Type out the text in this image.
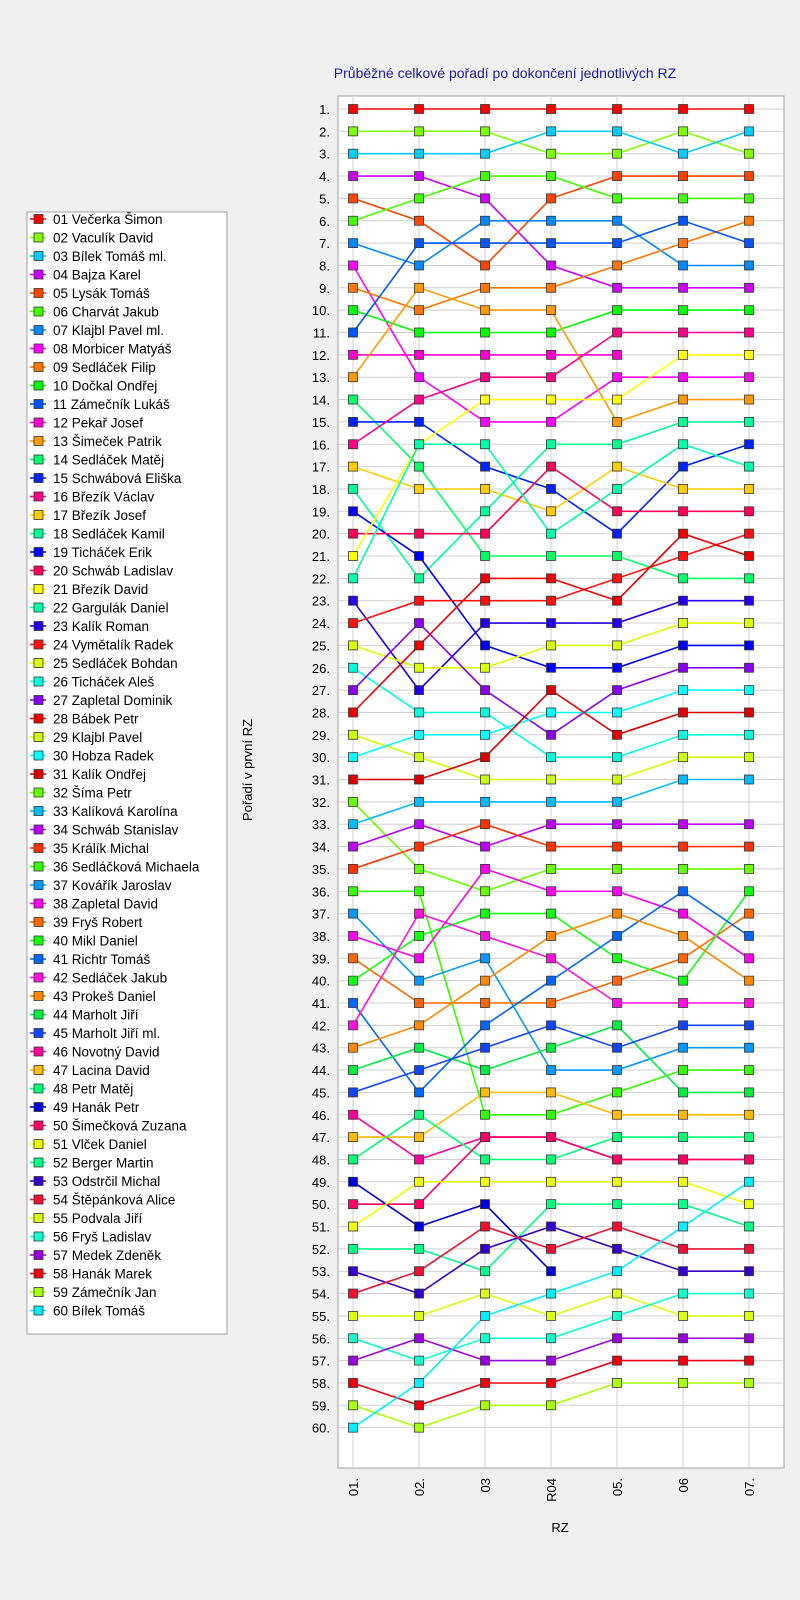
Průběžné celkové pořadí po dokončení jednotlivých RZ
Pořadí v první RZ
RZ
1.
2.
3.
4.
5.
6.
7.
8.
9.
10.
11.
12.
13.
14.
15.
16.
17.
18.
19.
20.
21.
22.
23.
24.
25.
26.
27.
28.
29.
30.
31.
32.
33.
34.
35.
36.
37.
38.
39.
40.
41.
42.
43.
44.
45.
46.
47.
48.
49.
50.
51.
52.
53.
54.
55.
56.
57.
58.
59.
60.
01.	02.	03	R04	05.	06	07.
01 Večerka Šimon
02 Vaculík David
03 Bílek Tomáš ml.
04 Bajza Karel
05 Lysák Tomáš
06 Charvát Jakub
07 Klajbl Pavel ml.
08 Morbicer Matyáš
09 Sedláček Filip
10 Dočkal Ondřej
11 Zámečník Lukáš
12 Pekař Josef
13 Šimeček Patrik
14 Sedláček Matěj
15 Schwábová Eliška
16 Březík Václav
17 Březík Josef
18 Sedláček Kamil
19 Ticháček Erik
20 Schwáb Ladislav
21 Březík David
22 Gargulák Daniel
23 Kalík Roman
24 Vymětalík Radek
25 Sedláček Bohdan
26 Ticháček Aleš
27 Zapletal Dominik
28 Bábek Petr
29 Klajbl Pavel
30 Hobza Radek
31 Kalík Ondřej
32 Šíma Petr
33 Kalíková Karolína
34 Schwáb Stanislav
35 Králík Michal
36 Sedláčková Michaela
37 Kovářík Jaroslav
38 Zapletal David
39 Fryš Robert
40 Mikl Daniel
41 Richtr Tomáš
42 Sedláček Jakub
43 Prokeš Daniel
44 Marholt Jiří
45 Marholt Jiří ml.
46 Novotný David
47 Lacina David
48 Petr Matěj
49 Hanák Petr
50 Šimečková Zuzana
51 Vlček Daniel
52 Berger Martin
53 Odstrčil Michal
54 Štěpánková Alice
55 Podvala Jiří
56 Fryš Ladislav
57 Medek Zdeněk
58 Hanák Marek
59 Zámečník Jan
60 Bílek Tomáš
